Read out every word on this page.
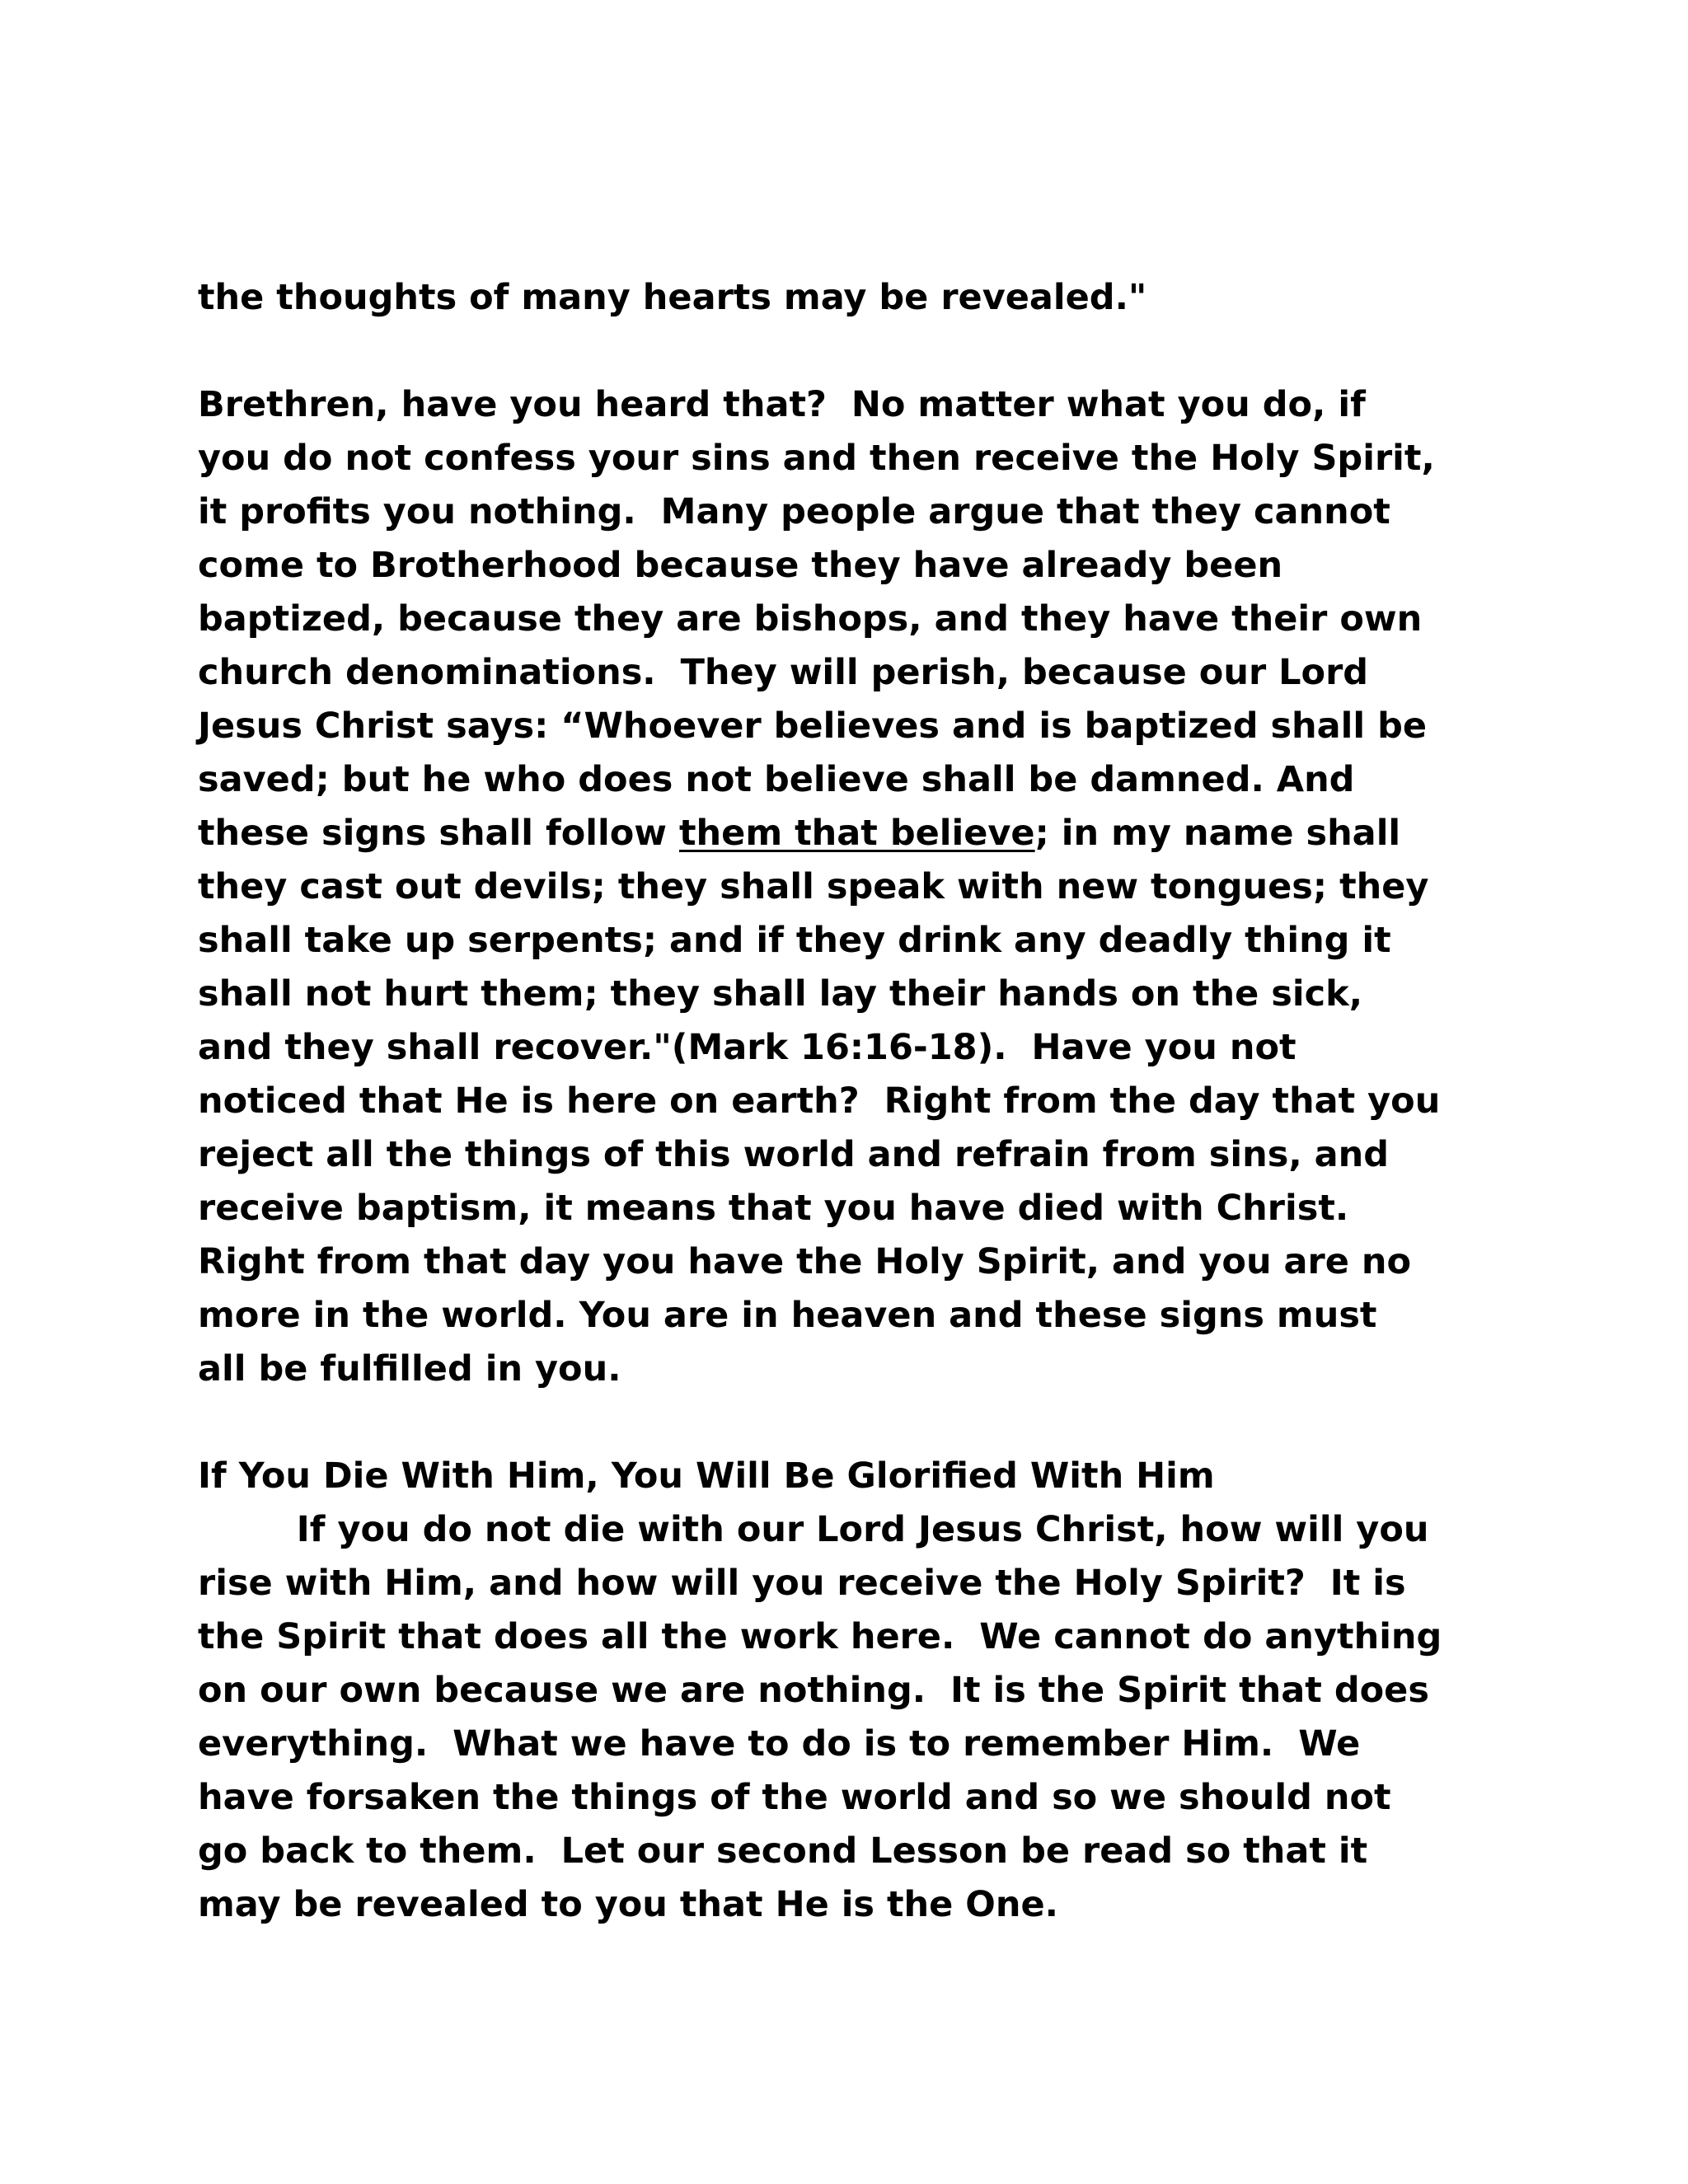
the thoughts of many hearts may be revealed."
Brethren, have you heard that?  No matter what you do, if
you do not confess your sins and then receive the Holy Spirit,
it profits you nothing.  Many people argue that they cannot
come to Brotherhood because they have already been
baptized, because they are bishops, and they have their own
church denominations.  They will perish, because our Lord
Jesus Christ says: “Whoever believes and is baptized shall be
saved; but he who does not believe shall be damned. And
these signs shall follow them that believe; in my name shall
they cast out devils; they shall speak with new tongues; they
shall take up serpents; and if they drink any deadly thing it
shall not hurt them; they shall lay their hands on the sick,
and they shall recover."(Mark 16:16-18).  Have you not
noticed that He is here on earth?  Right from the day that you
reject all the things of this world and refrain from sins, and
receive baptism, it means that you have died with Christ.
Right from that day you have the Holy Spirit, and you are no
more in the world. You are in heaven and these signs must
all be fulfilled in you.
If You Die With Him, You Will Be Glorified With Him
If you do not die with our Lord Jesus Christ, how will you
rise with Him, and how will you receive the Holy Spirit?  It is
the Spirit that does all the work here.  We cannot do anything
on our own because we are nothing.  It is the Spirit that does
everything.  What we have to do is to remember Him.  We
have forsaken the things of the world and so we should not
go back to them.  Let our second Lesson be read so that it
may be revealed to you that He is the One.
